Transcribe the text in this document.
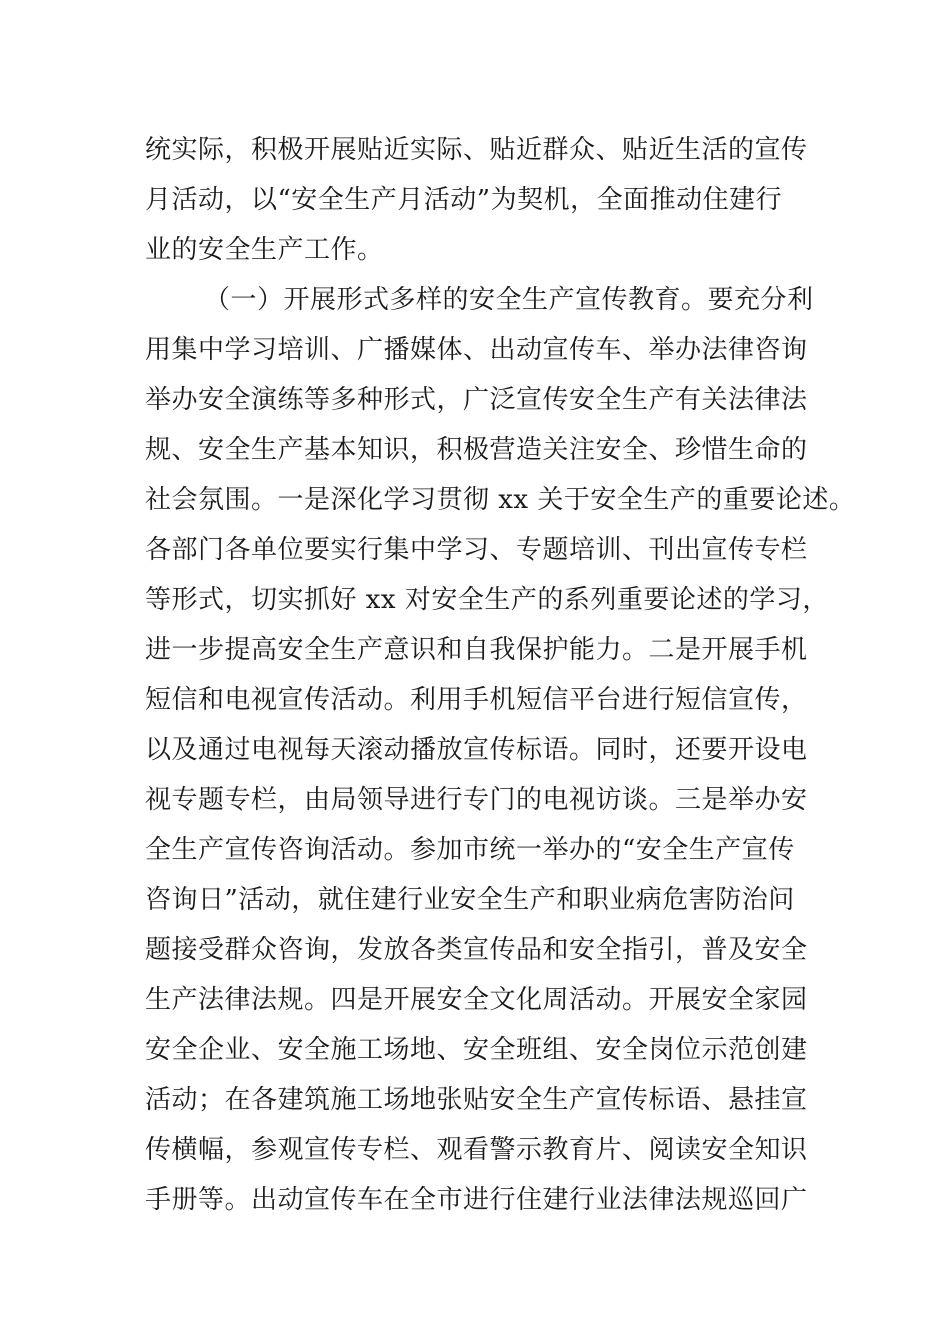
统实际，积极开展贴近实际、贴近群众、贴近生活的宣传
月活动，以“安全生产月活动”为契机，全面推动住建行
业的安全生产工作。
（一）开展形式多样的安全生产宣传教育。要充分利
用集中学习培训、广播媒体、出动宣传车、举办法律咨询
举办安全演练等多种形式，广泛宣传安全生产有关法律法
规、安全生产基本知识，积极营造关注安全、珍惜生命的
社会氛围。一是深化学习贯彻 xx 关于安全生产的重要论述。
各部门各单位要实行集中学习、专题培训、刊出宣传专栏
等形式，切实抓好 xx 对安全生产的系列重要论述的学习，
进一步提高安全生产意识和自我保护能力。二是开展手机
短信和电视宣传活动。利用手机短信平台进行短信宣传，
以及通过电视每天滚动播放宣传标语。同时，还要开设电
视专题专栏，由局领导进行专门的电视访谈。三是举办安
全生产宣传咨询活动。参加市统一举办的“安全生产宣传
咨询日”活动，就住建行业安全生产和职业病危害防治问
题接受群众咨询，发放各类宣传品和安全指引，普及安全
生产法律法规。四是开展安全文化周活动。开展安全家园
安全企业、安全施工场地、安全班组、安全岗位示范创建
活动；在各建筑施工场地张贴安全生产宣传标语、悬挂宣
传横幅，参观宣传专栏、观看警示教育片、阅读安全知识
手册等。出动宣传车在全市进行住建行业法律法规巡回广
